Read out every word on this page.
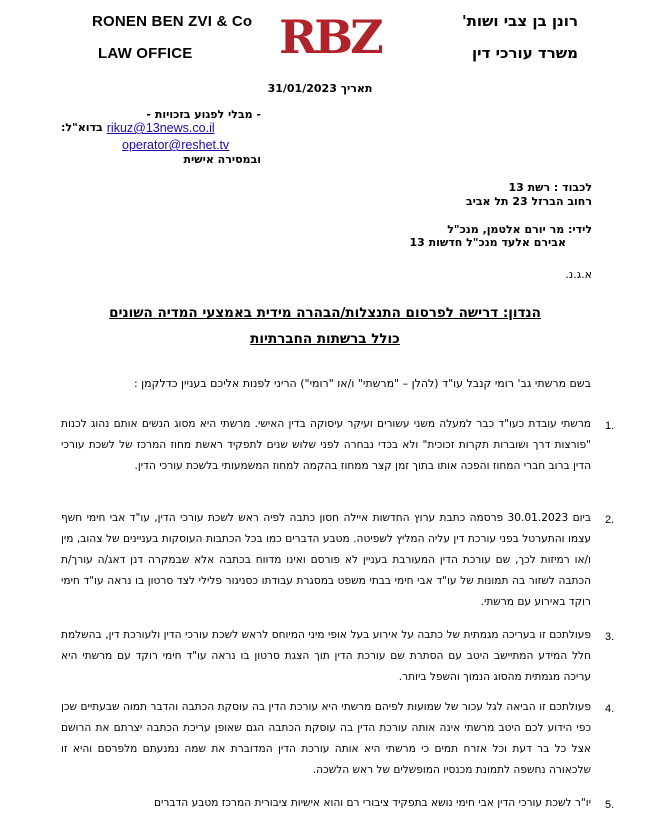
RONEN BEN ZVI & Co
LAW OFFICE RBZ	רונן בן צבי ושות'
משרד עורכי דין
תאריך 31/01/2023
- מבלי לפגוע בזכויות -
בדוא"ל: rikuz@13news.co.il
operator@reshet.tv
ובמסירה אישית
לכבוד : רשת 13
רחוב הברזל 23 תל אביב
לידי: מר יורם אלטמן, מנכ"ל
אבירם אלעד מנכ"ל חדשות 13
א.ג.נ.
הנדון: דרישה לפרסום התנצלות/הבהרה מידית באמצעי המדיה השונים
כולל ברשתות החברתיות
בשם מרשתי גב' רומי קנבל עו"ד (להלן – "מרשתי" ו/או "רומי") הריני לפנות אליכם בעניין כדלקמן :
1.
מרשתי עובדת כעו"ד כבר למעלה משני עשורים ועיקר עיסוקה בדין האישי. מרשתי היא מסוג הנשים אותם נהוג לכנות "פורצות דרך ושוברות תקרות זכוכית" ולא בכדי נבחרה לפני שלוש שנים לתפקיד ראשת מחוז המרכז של לשכת עורכי הדין ברוב חברי המחוז והפכה אותו בתוך זמן קצר ממחוז בהקמה למחוז המשמעותי בלשכת עורכי הדין.
2.
ביום 30.01.2023 פרסמה כתבת ערוץ החדשות איילה חסון כתבה לפיה ראש לשכת עורכי הדין, עו"ד אבי חימי חשף עצמו והתערטל בפני עורכת דין עליה המליץ לשפיטה. מטבע הדברים כמו בכל הכתבות העוסקות בעניינים של צהוב, מין ו/או רמיזות לכך, שם עורכת הדין המעורבת בעניין לא פורסם ואינו מדווח בכתבה אלא שבמקרה דנן דאג/ה עורך/ת הכתבה לשזור בה תמונות של עו"ד אבי חימי בבתי משפט במסגרת עבודתו כסניגור פלילי לצד סרטון בו נראה עו"ד חימי רוקד באירוע עם מרשתי.
3.
פעולתכם זו בעריכה מגמתית של כתבה על אירוע בעל אופי מיני המיוחס לראש לשכת עורכי הדין ולעורכת דין, בהשלמת חלל המידע המתיישב היטב עם הסתרת שם עורכת הדין תוך הצגת סרטון בו נראה עו"ד חימי רוקד עם מרשתי היא עריכה מגמתית מהסוג הנמוך והשפל ביותר.
4.
פעולתכם זו הביאה לגל עכור של שמועות לפיהם מרשתי היא עורכת הדין בה עוסקת הכתבה והדבר תמוה שבעתיים שכן כפי הידוע לכם היטב מרשתי אינה אותה עורכת הדין בה עוסקת הכתבה הגם שאופן עריכת הכתבה יצרתם את הרושם אצל כל בר דעת וכל אזרח תמים כי מרשתי היא אותה עורכת הדין המדוברת את שמה נמנעתם מלפרסם והיא זו שלכאורה נחשפה לתמונת מכנסיו המופשלים של ראש הלשכה.
5.
יו"ר לשכת עורכי הדין אבי חימי נושא בתפקיד ציבורי רם והוא אישיות ציבורית המרכז מטבע הדברים
